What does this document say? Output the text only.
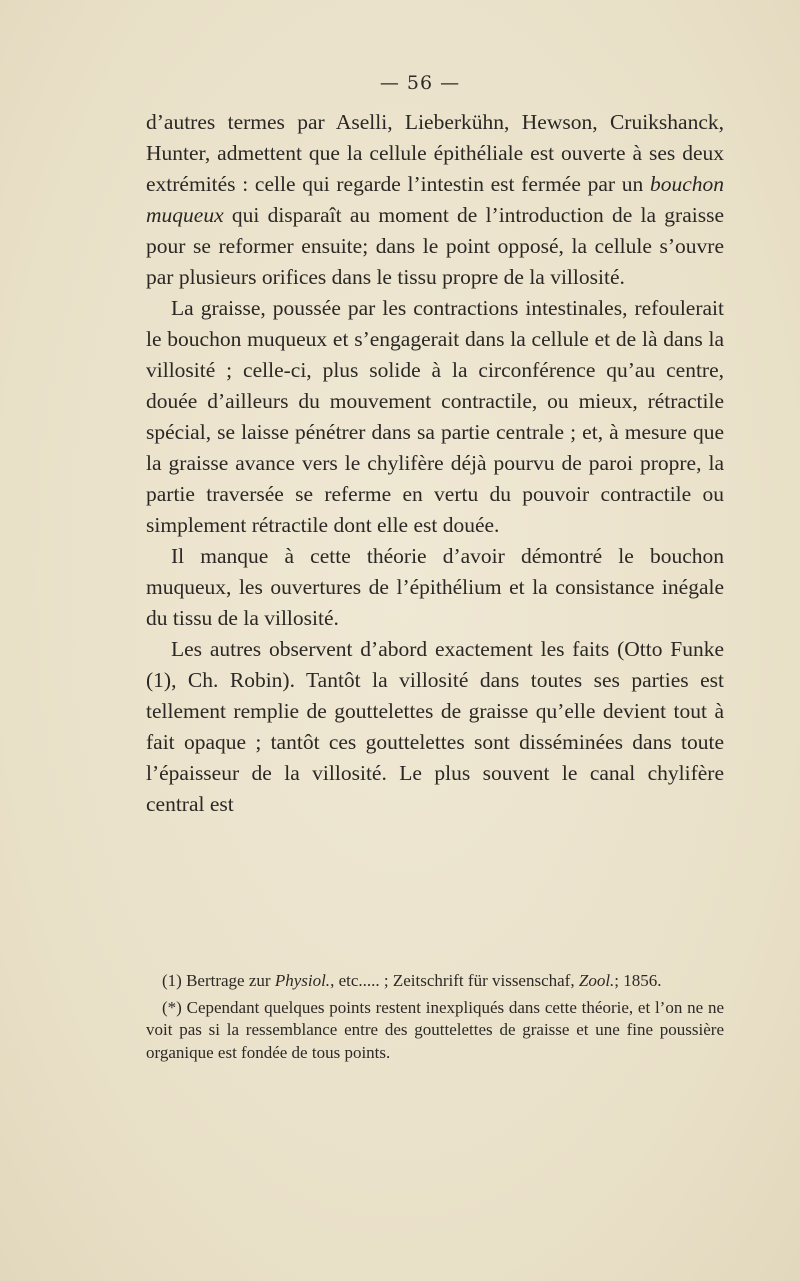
— 56 —

d’autres termes par Aselli, Lieberkühn, Hewson, Cruikshanck, Hunter, admettent que la cellule épithéliale est ouverte à ses deux extrémités : celle qui regarde l’intestin est fermée par un bouchon muqueux qui disparaît au moment de l’introduction de la graisse pour se reformer ensuite; dans le point opposé, la cellule s’ouvre par plusieurs orifices dans le tissu propre de la villosité.

La graisse, poussée par les contractions intestinales, refoulerait le bouchon muqueux et s’engagerait dans la cellule et de là dans la villosité ; celle-ci, plus solide à la circonférence qu’au centre, douée d’ailleurs du mouvement contractile, ou mieux, rétractile spécial, se laisse pénétrer dans sa partie centrale ; et, à mesure que la graisse avance vers le chylifère déjà pourvu de paroi propre, la partie traversée se referme en vertu du pouvoir contractile ou simplement rétractile dont elle est douée.

Il manque à cette théorie d’avoir démontré le bouchon muqueux, les ouvertures de l’épithélium et la consistance inégale du tissu de la villosité.

Les autres observent d’abord exactement les faits (Otto Funke (1), Ch. Robin). Tantôt la villosité dans toutes ses parties est tellement remplie de gouttelettes de graisse qu’elle devient tout à fait opaque ; tantôt ces gouttelettes sont disséminées dans toute l’épaisseur de la villosité. Le plus souvent le canal chylifère central est

(1) Bertrage zur Physiol., etc..... ; Zeitschrift für vissenschaf, Zool.; 1856.

(*) Cependant quelques points restent inexpliqués dans cette théorie, et l’on ne ne voit pas si la ressemblance entre des gouttelettes de graisse et une fine poussière organique est fondée de tous points.
